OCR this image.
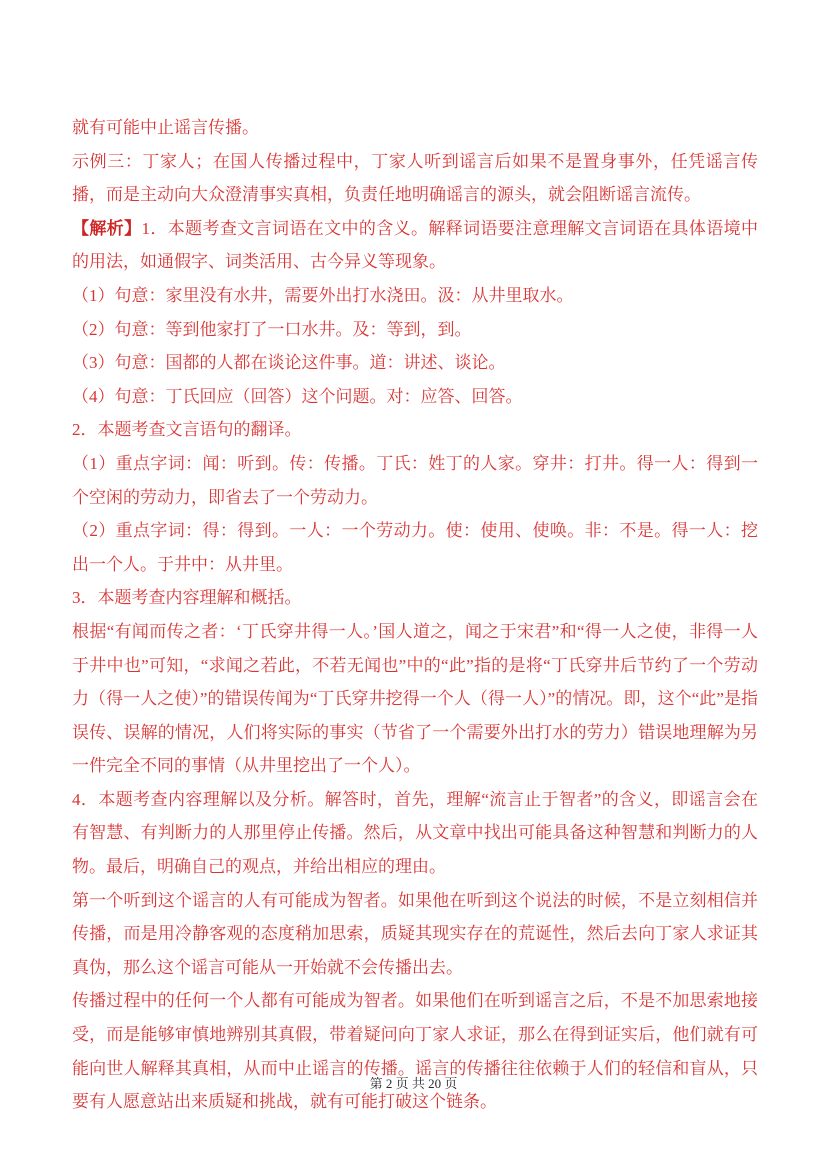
就有可能中止谣言传播。

示例三：丁家人；在国人传播过程中，丁家人听到谣言后如果不是置身事外，任凭谣言传播，而是主动向大众澄清事实真相，负责任地明确谣言的源头，就会阻断谣言流传。

【解析】1．本题考查文言词语在文中的含义。解释词语要注意理解文言词语在具体语境中的用法，如通假字、词类活用、古今异义等现象。

（1）句意：家里没有水井，需要外出打水浇田。汲：从井里取水。

（2）句意：等到他家打了一口水井。及：等到，到。

（3）句意：国都的人都在谈论这件事。道：讲述、谈论。

（4）句意：丁氏回应（回答）这个问题。对：应答、回答。

2．本题考查文言语句的翻译。

（1）重点字词：闻：听到。传：传播。丁氏：姓丁的人家。穿井：打井。得一人：得到一个空闲的劳动力，即省去了一个劳动力。

（2）重点字词：得：得到。一人：一个劳动力。使：使用、使唤。非：不是。得一人：挖出一个人。于井中：从井里。

3．本题考查内容理解和概括。

根据“有闻而传之者：‘丁氏穿井得一人。’国人道之，闻之于宋君”和“得一人之使，非得一人于井中也”可知，“求闻之若此，不若无闻也”中的“此”指的是将“丁氏穿井后节约了一个劳动力（得一人之使）”的错误传闻为“丁氏穿井挖得一个人（得一人）”的情况。即，这个“此”是指误传、误解的情况，人们将实际的事实（节省了一个需要外出打水的劳力）错误地理解为另一件完全不同的事情（从井里挖出了一个人）。

4．本题考查内容理解以及分析。解答时，首先，理解“流言止于智者”的含义，即谣言会在有智慧、有判断力的人那里停止传播。然后，从文章中找出可能具备这种智慧和判断力的人物。最后，明确自己的观点，并给出相应的理由。

第一个听到这个谣言的人有可能成为智者。如果他在听到这个说法的时候，不是立刻相信并传播，而是用冷静客观的态度稍加思索，质疑其现实存在的荒诞性，然后去向丁家人求证其真伪，那么这个谣言可能从一开始就不会传播出去。

传播过程中的任何一个人都有可能成为智者。如果他们在听到谣言之后，不是不加思索地接受，而是能够审慎地辨别其真假，带着疑问向丁家人求证，那么在得到证实后，他们就有可能向世人解释其真相，从而中止谣言的传播。谣言的传播往往依赖于人们的轻信和盲从，只要有人愿意站出来质疑和挑战，就有可能打破这个链条。

第 2 页 共 20 页
